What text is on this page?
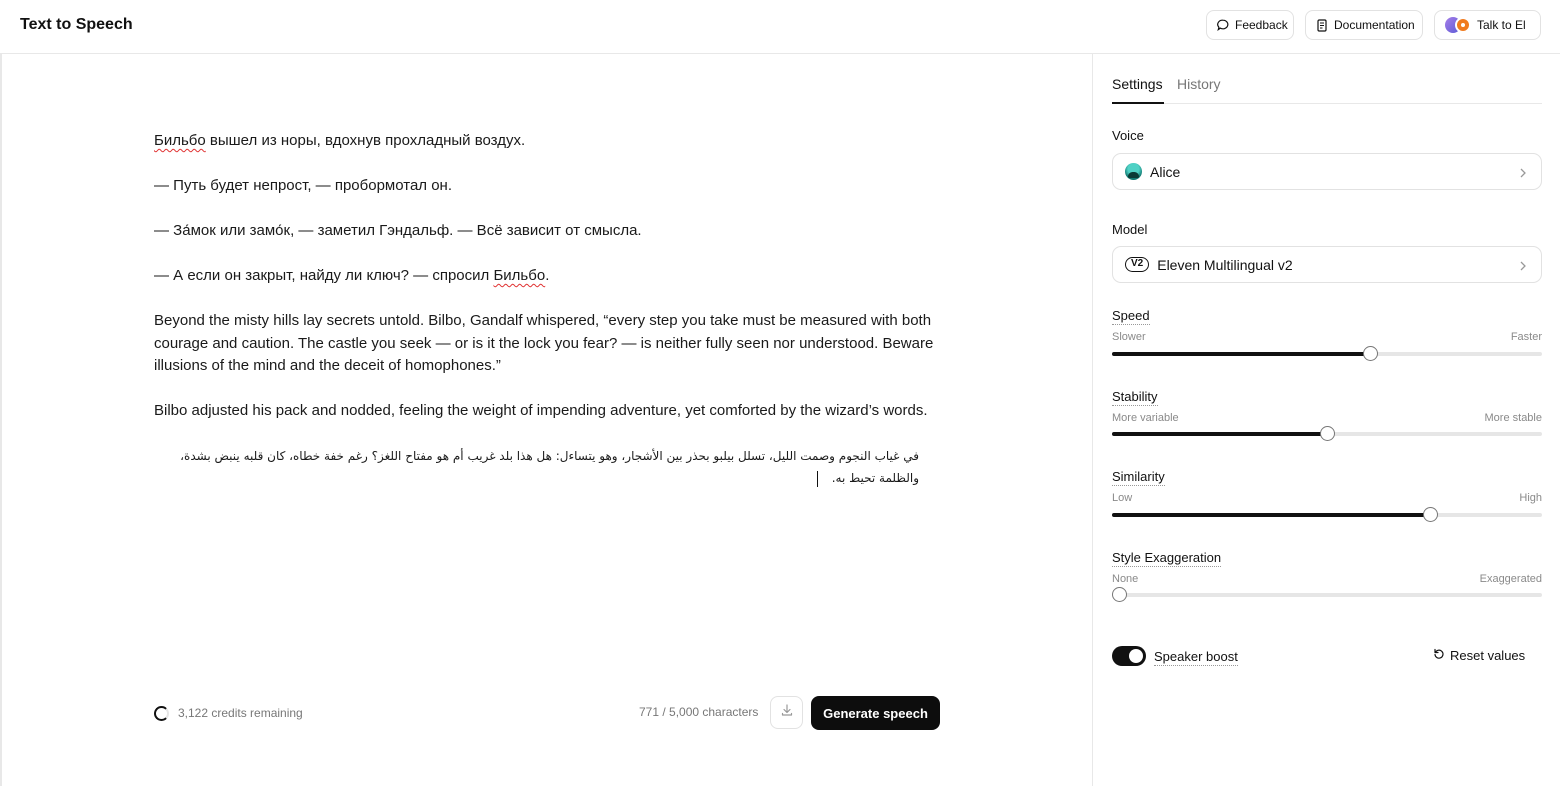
Text to Speech	Feedback	Documentation	Talk to El

Бильбо вышел из норы, вдохнув прохладный воздух.

— Путь будет непрост, — пробормотал он.

— За́мок или замо́к, — заметил Гэндальф. — Всё зависит от смысла.

— А если он закрыт, найду ли ключ? — спросил Бильбо.

Beyond the misty hills lay secrets untold. Bilbo, Gandalf whispered, “every step you take must be measured with both courage and caution. The castle you seek — or is it the lock you fear? — is neither fully seen nor understood. Beware illusions of the mind and the deceit of homophones.”

Bilbo adjusted his pack and nodded, feeling the weight of impending adventure, yet comforted by the wizard’s words.

في غياب النجوم وصمت الليل، تسلل بيلبو بحذر بين الأشجار، وهو يتساءل: هل هذا بلد غريب أم هو مفتاح اللغز؟ رغم خفة خطاه، كان قلبه ينبض بشدة، والظلمة تحيط به.

3,122 credits remaining	771 / 5,000 characters	Generate speech
Settings History
Voice
Alice
Model
V2	Eleven Multilingual v2
Speed
Slower	Faster
Stability
More variable	More stable
Similarity
Low	High
Style Exaggeration
None	Exaggerated
Speaker boost	Reset values
